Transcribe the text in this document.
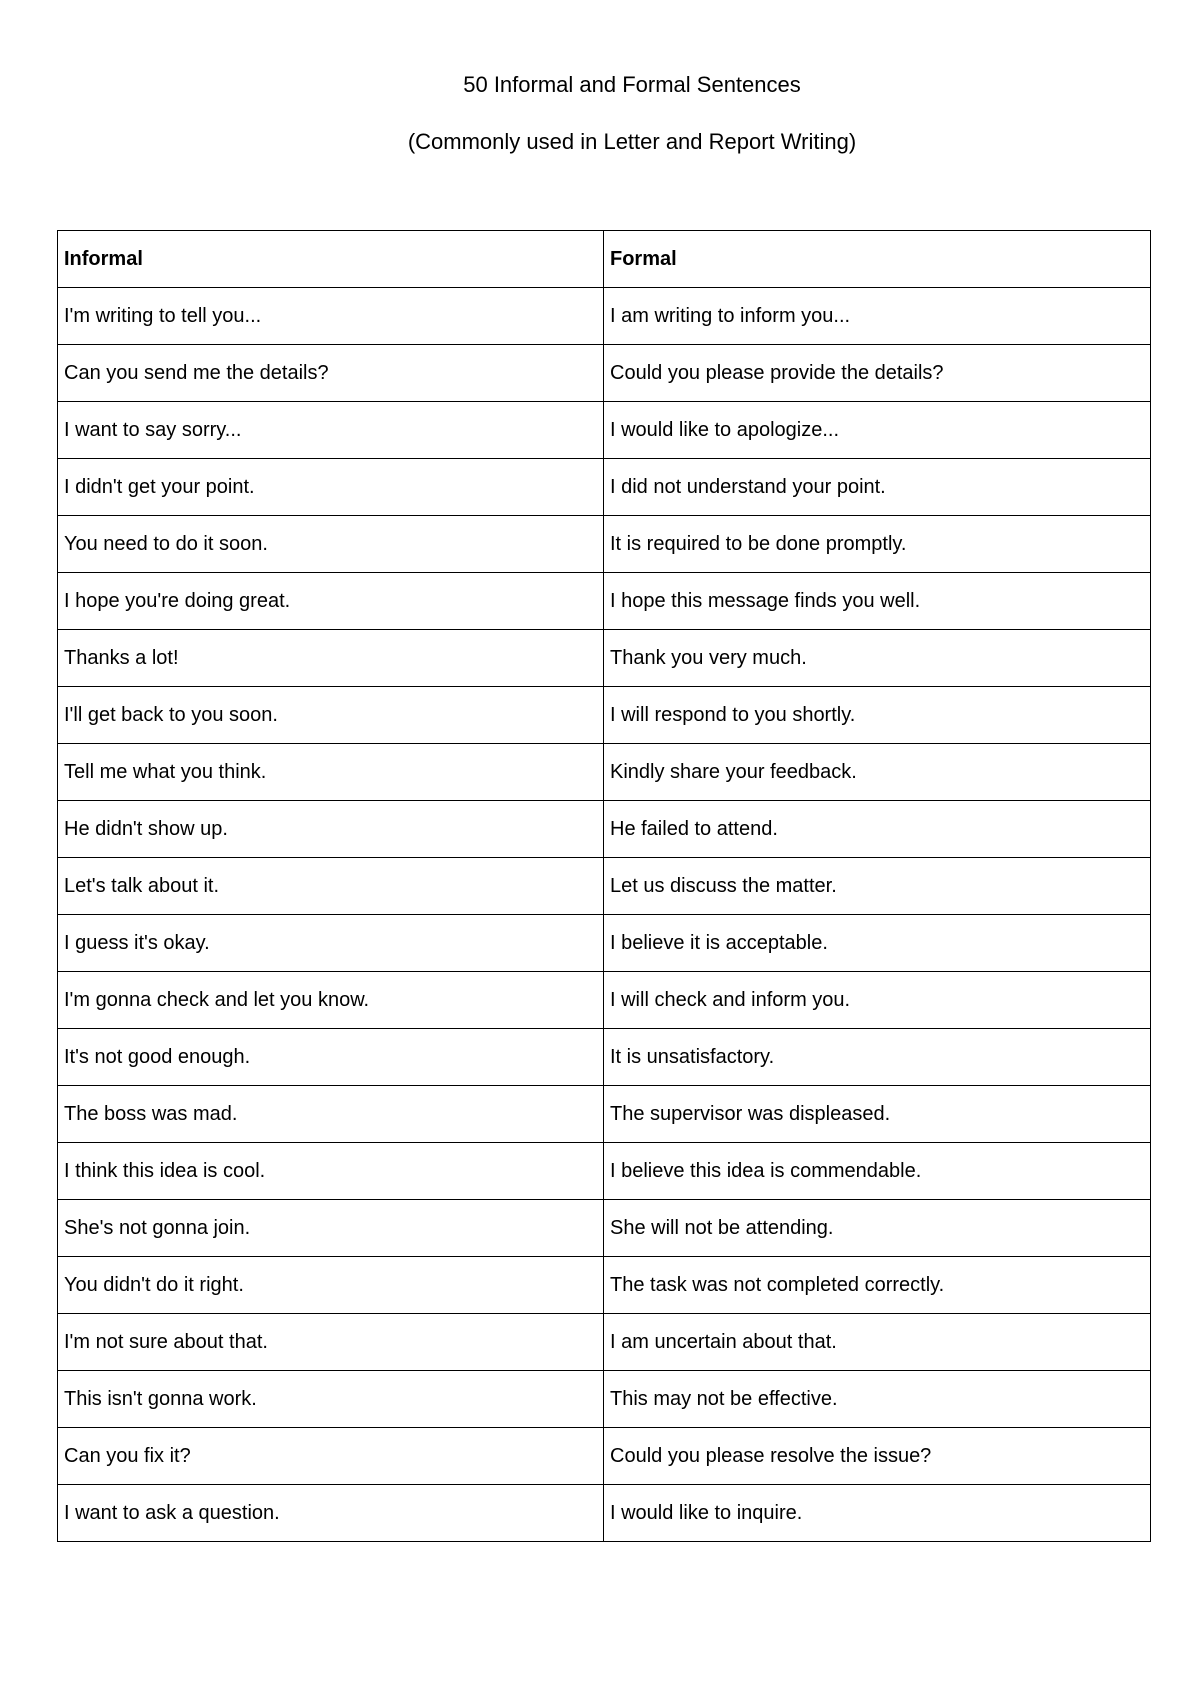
50 Informal and Formal Sentences
(Commonly used in Letter and Report Writing)
Informal	Formal
I'm writing to tell you...	I am writing to inform you...
Can you send me the details?	Could you please provide the details?
I want to say sorry...	I would like to apologize...
I didn't get your point.	I did not understand your point.
You need to do it soon.	It is required to be done promptly.
I hope you're doing great.	I hope this message finds you well.
Thanks a lot!	Thank you very much.
I'll get back to you soon.	I will respond to you shortly.
Tell me what you think.	Kindly share your feedback.
He didn't show up.	He failed to attend.
Let's talk about it.	Let us discuss the matter.
I guess it's okay.	I believe it is acceptable.
I'm gonna check and let you know.	I will check and inform you.
It's not good enough.	It is unsatisfactory.
The boss was mad.	The supervisor was displeased.
I think this idea is cool.	I believe this idea is commendable.
She's not gonna join.	She will not be attending.
You didn't do it right.	The task was not completed correctly.
I'm not sure about that.	I am uncertain about that.
This isn't gonna work.	This may not be effective.
Can you fix it?	Could you please resolve the issue?
I want to ask a question.	I would like to inquire.
